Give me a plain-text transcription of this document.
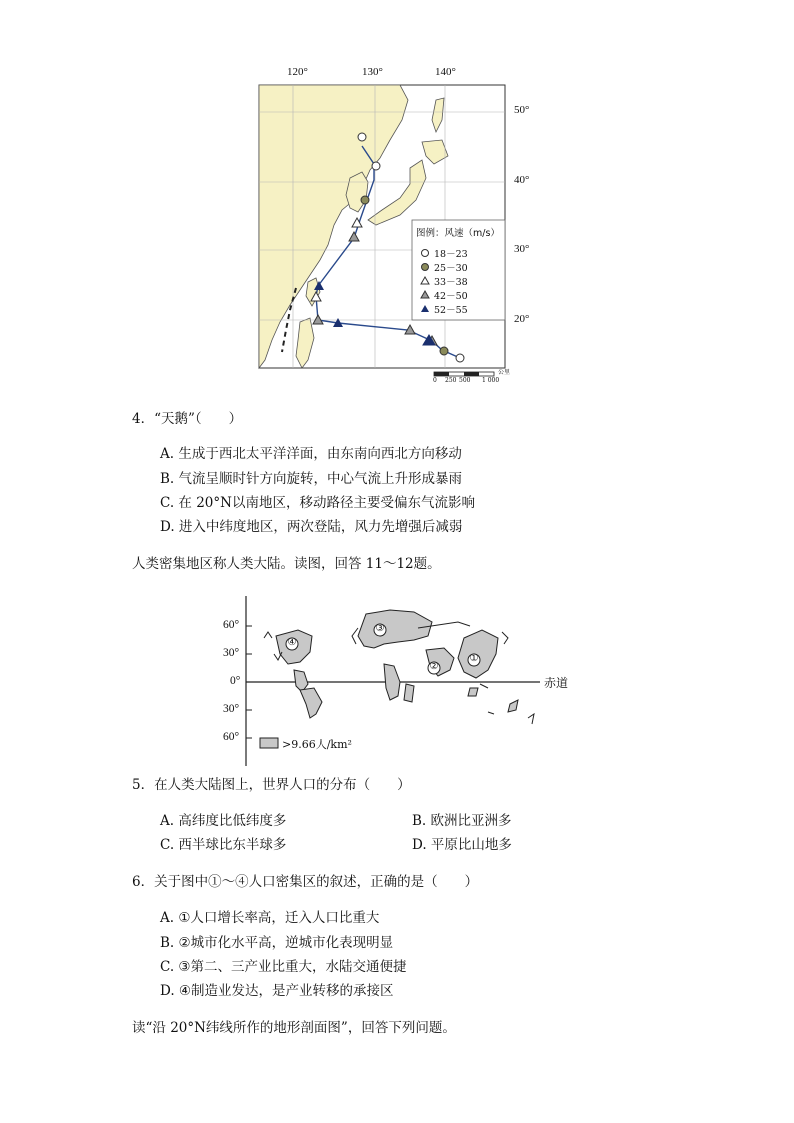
120°	130°	140°
50°
40°
30°
20°
图例：风速（m/s）
18－23
25－30
33－38
42－50
52－55
0 250 500 1 000
公里
4．“天鹅”（　　）
A. 生成于西北太平洋洋面，由东南向西北方向移动
B. 气流呈顺时针方向旋转，中心气流上升形成暴雨
C. 在 20°N以南地区，移动路径主要受偏东气流影响
D. 进入中纬度地区，两次登陆，风力先增强后减弱
人类密集地区称人类大陆。读图，回答 11～12题。
60°
30°
0°
30°
60°
赤道
①
②
③
④
>9.66人/km²
5．在人类大陆图上，世界人口的分布（　　）
A. 高纬度比低纬度多	B. 欧洲比亚洲多
C. 西半球比东半球多	D. 平原比山地多
6．关于图中①～④人口密集区的叙述，正确的是（　　）
A. ①人口增长率高，迁入人口比重大
B. ②城市化水平高，逆城市化表现明显
C. ③第二、三产业比重大，水陆交通便捷
D. ④制造业发达，是产业转移的承接区
读“沿 20°N纬线所作的地形剖面图”，回答下列问题。
